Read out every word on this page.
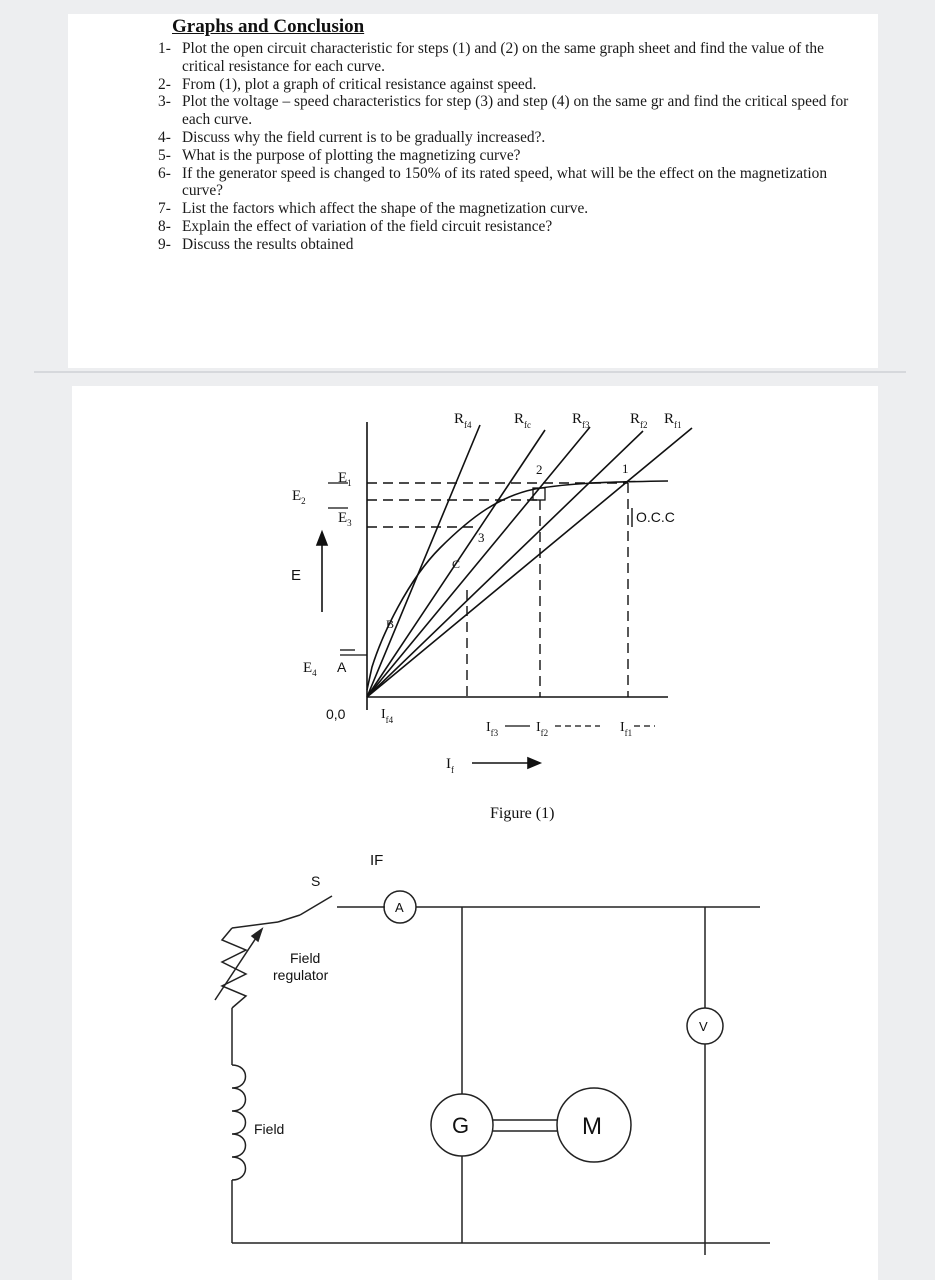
Graphs and Conclusion
1- Plot the open circuit characteristic for steps (1) and (2) on the same graph sheet and find the value of the critical resistance for each curve.
2- From (1), plot a graph of critical resistance against speed.
3- Plot the voltage – speed characteristics for step (3) and step (4) on the same gr and find the critical speed for each curve.
4- Discuss why the field current is to be gradually increased?.
5- What is the purpose of plotting the magnetizing curve?
6- If the generator speed is changed to 150% of its rated speed, what will be the effect on the magnetization curve?
7- List the factors which affect the shape of the magnetization curve.
8- Explain the effect of variation of the field circuit resistance?
9- Discuss the results obtained
$R_{f4}$	$R_{fc}$	$R_{f3}$	$R_{f2}$ $R_{f1}$
$E_2$
$E_1$
$E_3$
$E_4$
E
A
0,0
2	1
3
C
B
O.C.C
$I_{f4}$	$I_{f3}$	$I_{f2}$	$I_{f1}$
$I_f$
Figure (1)
S
IF
A
Field
regulator
Field	G	M
V
